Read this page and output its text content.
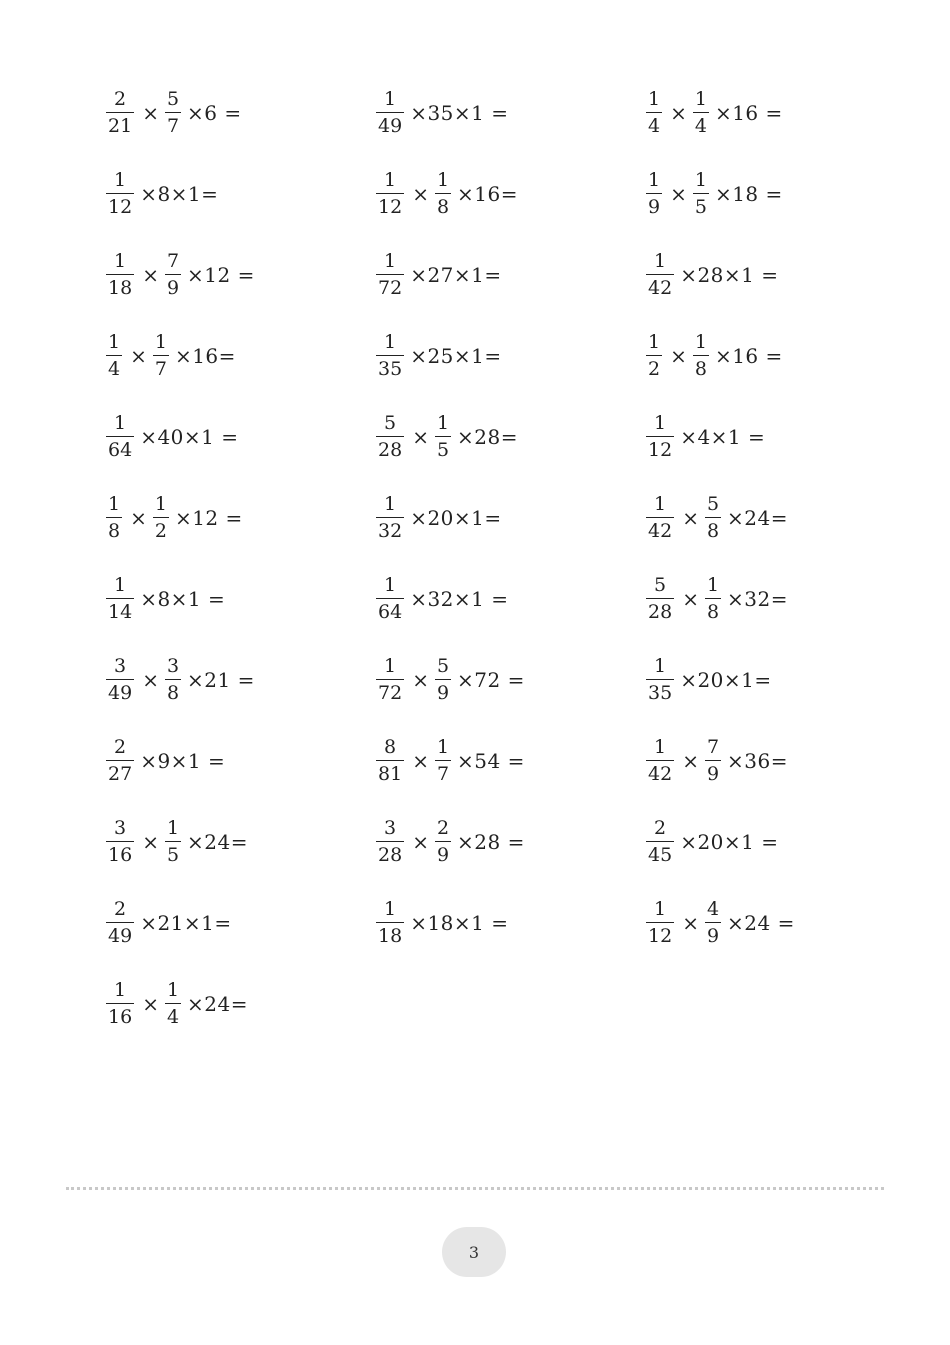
$\frac{2}{21} \times \frac{5}{7} \times 6$ =	$\frac{1}{49} \times 35\times 1$ =	$\frac{1}{4} \times \frac{1}{4} \times 16$ =
$\frac{1}{12} \times 8\times 1=$	$\frac{1}{12} \times \frac{1}{8} \times 16=$	$\frac{1}{9} \times \frac{1}{5} \times 18$ =
$\frac{1}{18} \times \frac{7}{9} \times 12$ =	$\frac{1}{72} \times 27\times 1=$	$\frac{1}{42} \times 28\times 1$ =
$\frac{1}{4} \times \frac{1}{7} \times 16=$	$\frac{1}{35} \times 25\times 1=$	$\frac{1}{2} \times \frac{1}{8} \times 16$ =
$\frac{1}{64} \times 40\times 1$ =	$\frac{5}{28} \times \frac{1}{5} \times 28=$	$\frac{1}{12} \times 4\times 1$ =
$\frac{1}{8} \times \frac{1}{2} \times 12$ =	$\frac{1}{32} \times 20\times 1=$	$\frac{1}{42} \times \frac{5}{8} \times 24=$
$\frac{1}{14} \times 8\times 1$ =	$\frac{1}{64} \times 32\times 1$ =	$\frac{5}{28} \times \frac{1}{8} \times 32=$
$\frac{3}{49} \times \frac{3}{8} \times 21$ =	$\frac{1}{72} \times \frac{5}{9} \times 72$ =	$\frac{1}{35} \times 20\times 1=$
$\frac{2}{27} \times 9\times 1$ =	$\frac{8}{81} \times \frac{1}{7} \times 54$ =	$\frac{1}{42} \times \frac{7}{9} \times 36=$
$\frac{3}{16} \times \frac{1}{5} \times 24=$	$\frac{3}{28} \times \frac{2}{9} \times 28$ =	$\frac{2}{45} \times 20\times 1$ =
$\frac{2}{49} \times 21\times 1=$	$\frac{1}{18} \times 18\times 1$ =	$\frac{1}{12} \times \frac{4}{9} \times 24$ =
$\frac{1}{16} \times \frac{1}{4} \times 24=$
3
